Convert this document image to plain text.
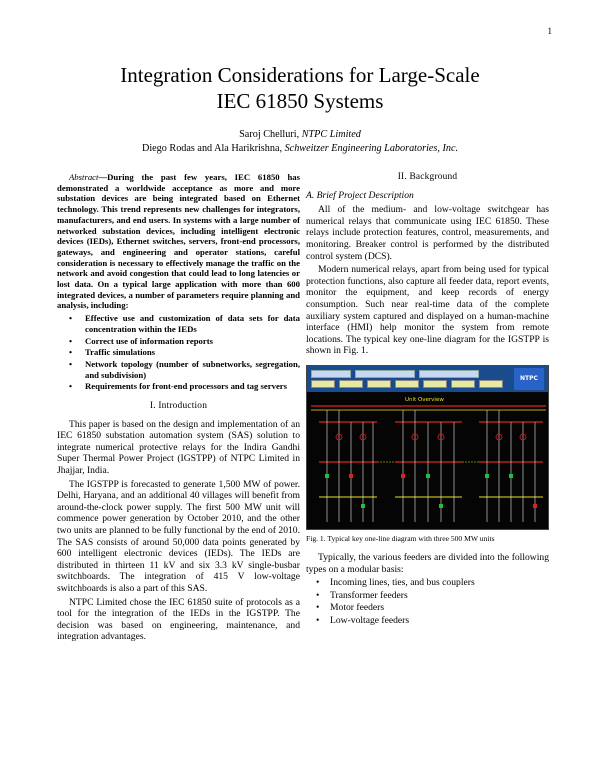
1
Integration Considerations for Large-Scale
IEC 61850 Systems
Saroj Chelluri, NTPC Limited
Diego Rodas and Ala Harikrishna, Schweitzer Engineering Laboratories, Inc.
Abstract—During the past few years, IEC 61850 has demonstrated a worldwide acceptance as more and more substation devices are being integrated based on Ethernet technology. This trend represents new challenges for integrators, manufacturers, and end users. In systems with a large number of networked substation devices, including intelligent electronic devices (IEDs), Ethernet switches, servers, front-end processors, gateways, and engineering and operator stations, careful consideration is necessary to effectively manage the traffic on the network and avoid congestion that could lead to long latencies or lost data. On a typical large application with more than 600 integrated devices, a number of parameters require planning and analysis, including:
• Effective use and customization of data sets for data concentration within the IEDs
• Correct use of information reports
• Traffic simulations
• Network topology (number of subnetworks, segregation, and subdivision)
• Requirements for front-end processors and tag servers
I. Introduction

This paper is based on the design and implementation of an IEC 61850 substation automation system (SAS) solution to integrate numerical protective relays for the Indira Gandhi Super Thermal Power Project (IGSTPP) of NTPC Limited in Jhajjar, India.

The IGSTPP is forecasted to generate 1,500 MW of power. Delhi, Haryana, and an additional 40 villages will benefit from around-the-clock power supply. The first 500 MW unit will commence power generation by October 2010, and the other two units are planned to be fully functional by the end of 2010. The SAS consists of around 50,000 data points generated by 600 intelligent electronic devices (IEDs). The IEDs are distributed in thirteen 11 kV and six 3.3 kV single-busbar switchboards. The integration of 415 V low-voltage switchboards is also a part of this SAS.

NTPC Limited chose the IEC 61850 suite of protocols as a tool for the integration of the IEDs in the IGSTPP. The decision was based on engineering, maintenance, and integration advantages.

II. Background
A. Brief Project Description

All of the medium- and low-voltage switchgear has numerical relays that communicate using IEC 61850. These relays include protection features, control, measurements, and monitoring. Breaker control is performed by the distributed control system (DCS).

Modern numerical relays, apart from being used for typical protection functions, also capture all feeder data, report events, monitor the equipment, and keep records of energy consumption. Such near real-time data of the complete auxiliary system captured and displayed on a human-machine interface (HMI) help monitor the system from remote locations. The typical key one-line diagram for the IGSTPP is shown in Fig. 1.

NTPC
Unit Overview
Fig. 1. Typical key one-line diagram with three 500 MW units

Typically, the various feeders are divided into the following types on a modular basis:

• Incoming lines, ties, and bus couplers
• Transformer feeders
• Motor feeders
• Low-voltage feeders
